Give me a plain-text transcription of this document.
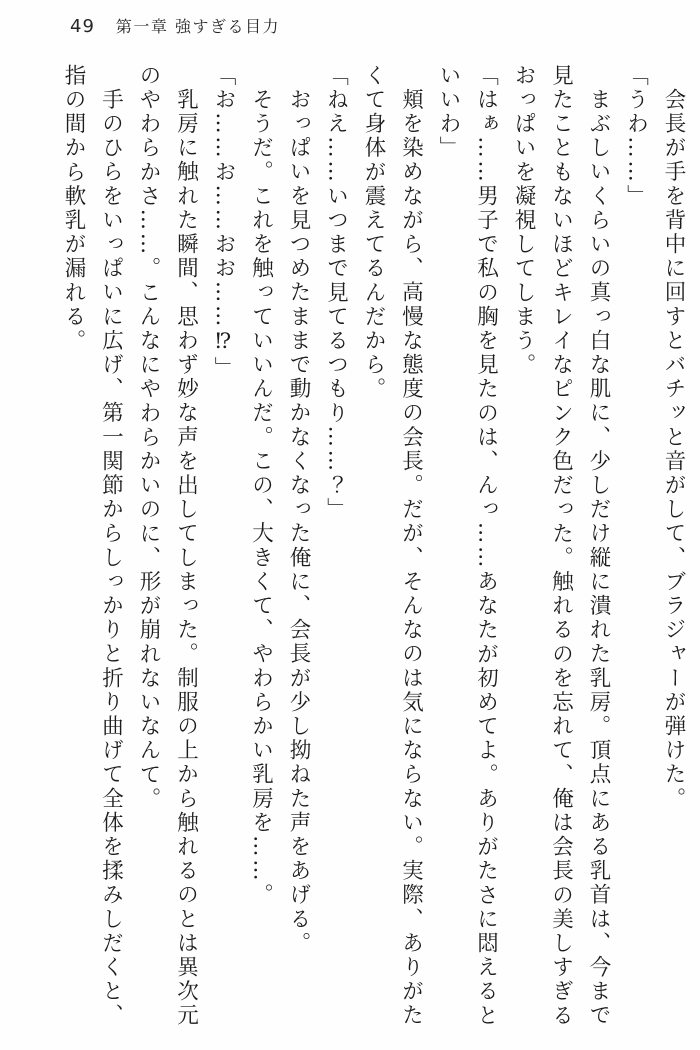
49 第一章 強すぎる目力

会長が手を背中に回すとバチッと音がして、ブラジャーが弾けた。

「うわ……」

まぶしいくらいの真っ白な肌に、少しだけ縦に潰れた乳房。頂点にある乳首は、今まで見たこともないほどキレイなピンク色だった。触れるのを忘れて、俺は会長の美しすぎるおっぱいを凝視してしまう。

「はぁ……男子で私の胸を見たのは、んっ……あなたが初めてよ。ありがたさに悶えるといいわ」

頬を染めながら、高慢な態度の会長。だが、そんなのは気にならない。実際、ありがたくて身体が震えてるんだから。

「ねえ……いつまで見てるつもり……？」

おっぱいを見つめたままで動かなくなった俺に、会長が少し拗ねた声をあげる。

そうだ。これを触っていいんだ。この、大きくて、やわらかい乳房を……。

「お……お……おお……⁉」

乳房に触れた瞬間、思わず妙な声を出してしまった。制服の上から触れるのとは異次元のやわらかさ……。こんなにやわらかいのに、形が崩れないなんて。

手のひらをいっぱいに広げ、第一関節からしっかりと折り曲げて全体を揉みしだくと、指の間から軟乳が漏れる。
